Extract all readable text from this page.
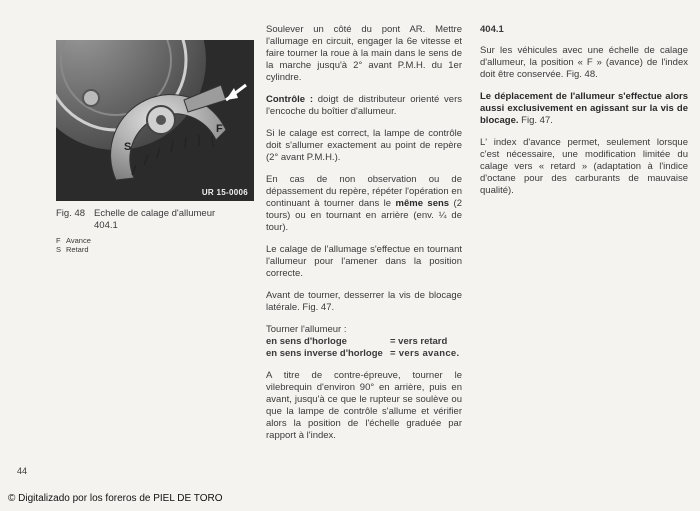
S
F
UR 15-0006
Fig. 48 Echelle de calage d'allumeur
404.1
F Avance
S Retard

Soulever un côté du pont AR. Mettre l'allumage en circuit, engager la 6e vitesse et faire tourner la roue à la main dans le sens de la marche jusqu'à 2° avant P.M.H. du 1er cylindre.

Contrôle : doigt de distributeur orienté vers l'encoche du boîtier d'allumeur.

Si le calage est correct, la lampe de contrôle doit s'allumer exactement au point de repère (2° avant P.M.H.).

En cas de non observation ou de dépassement du repère, répéter l'opération en continuant à tourner dans le même sens (2 tours) ou en tournant en arrière (env. ¼ de tour).

Le calage de l'allumage s'effectue en tournant l'allumeur pour l'amener dans la position correcte.

Avant de tourner, desserrer la vis de blocage latérale. Fig. 47.

Tourner l'allumeur :
en sens d'horloge	= vers retard
en sens inverse d'horloge = vers avance.

A titre de contre-épreuve, tourner le vilebrequin d'environ 90° en arrière, puis en avant, jusqu'à ce que le rupteur se soulève ou que la lampe de contrôle s'allume et vérifier alors la position de l'échelle graduée par rapport à l'index.

404.1

Sur les véhicules avec une échelle de calage d'allumeur, la position « F » (avance) de l'index doit être conservée. Fig. 48.

Le déplacement de l'allumeur s'effectue alors aussi exclusivement en agissant sur la vis de blocage. Fig. 47.

L' index d'avance permet, seulement lorsque c'est nécessaire, une modification limitée du calage vers « retard » (adaptation à l'indice d'octane pour des carburants de mauvaise qualité).

44
© Digitalizado por los foreros de PIEL DE TORO
